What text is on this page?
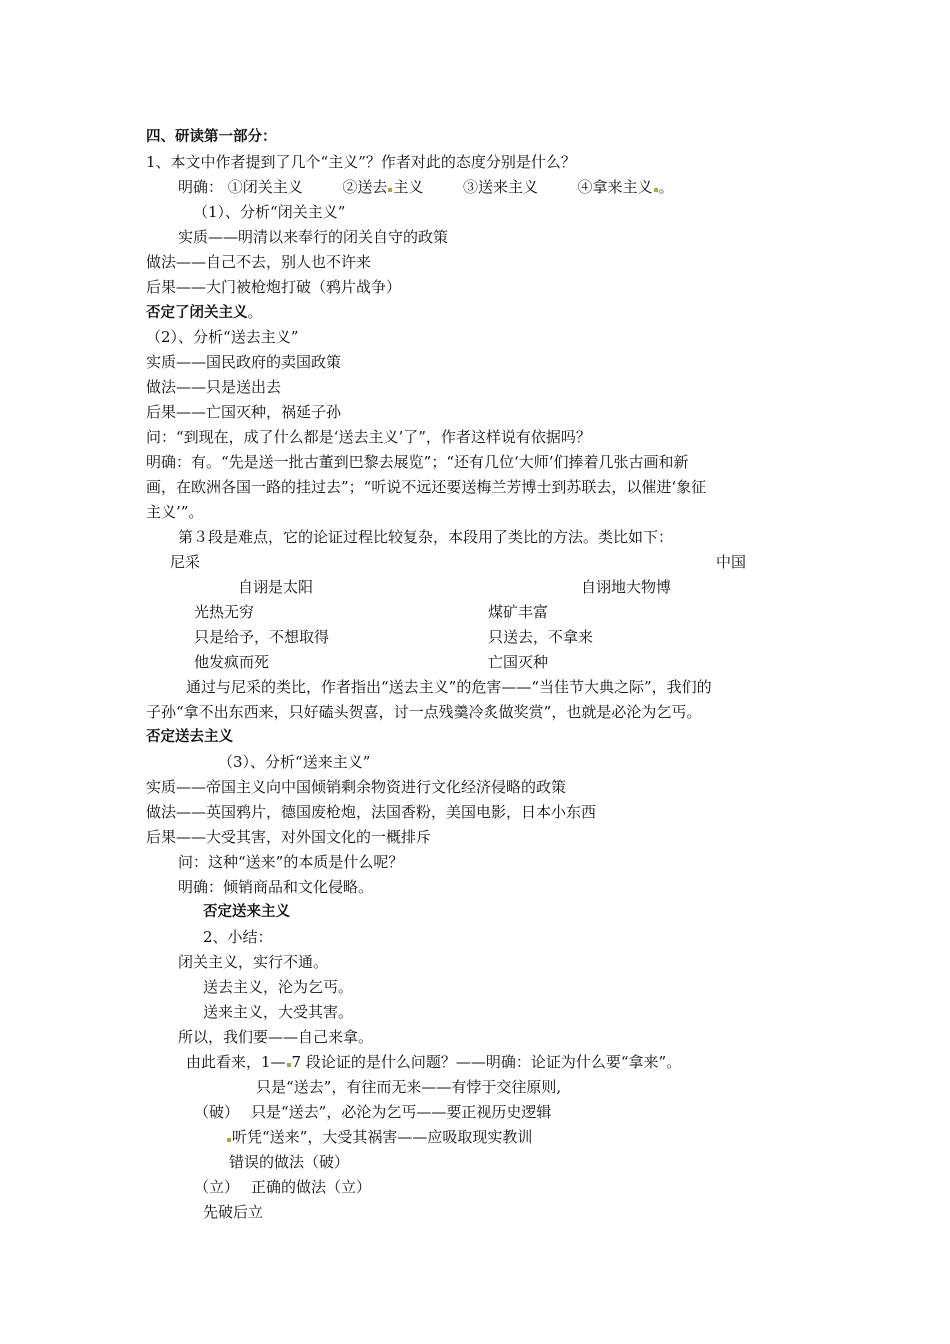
四、研读第一部分：
1、本文中作者提到了几个“主义”？作者对此的态度分别是什么？
明确： ①闭关主义	②送去 主义	③送来主义	④拿来主义 。
（1）、分析“闭关主义”
实质——明清以来奉行的闭关自守的政策
做法——自己不去，别人也不许来
后果——大门被枪炮打破（鸦片战争）
否定了闭关主义。
（2）、分析“送去主义”
实质——国民政府的卖国政策
做法——只是送出去
后果——亡国灭种，祸延子孙
问：“到现在，成了什么都是‘送去主义’了”，作者这样说有依据吗？
明确：有。“先是送一批古董到巴黎去展览”；“还有几位‘大师’们捧着几张古画和新
画，在欧洲各国一路的挂过去”；“听说不远还要送梅兰芳博士到苏联去，以催进‘象征
主义’”。
第３段是难点，它的论证过程比较复杂，本段用了类比的方法。类比如下：
尼采	中国
自诩是太阳	自诩地大物博
光热无穷	煤矿丰富
只是给予，不想取得	只送去，不拿来
他发疯而死	亡国灭种
通过与尼采的类比，作者指出“送去主义”的危害——“当佳节大典之际”，我们的
子孙“拿不出东西来，只好磕头贺喜，讨一点残羹冷炙做奖赏”，也就是必沦为乞丐。
否定送去主义
（3）、分析“送来主义”
实质——帝国主义向中国倾销剩余物资进行文化经济侵略的政策
做法——英国鸦片，德国废枪炮，法国香粉，美国电影，日本小东西
后果——大受其害，对外国文化的一概排斥
问：这种“送来”的本质是什么呢？
明确：倾销商品和文化侵略。
否定送来主义
2、小结：
闭关主义，实行不通。
送去主义，沦为乞丐。
送来主义，大受其害。
所以，我们要——自己来拿。
由此看来，1— 7 段论证的是什么问题？——明确：论证为什么要“拿来”。
只是“送去”，有往而无来——有悖于交往原则,
（破） 只是“送去”，必沦为乞丐——要正视历史逻辑
听凭“送来”，大受其祸害——应吸取现实教训
错误的做法（破）
（立） 正确的做法（立）
先破后立
